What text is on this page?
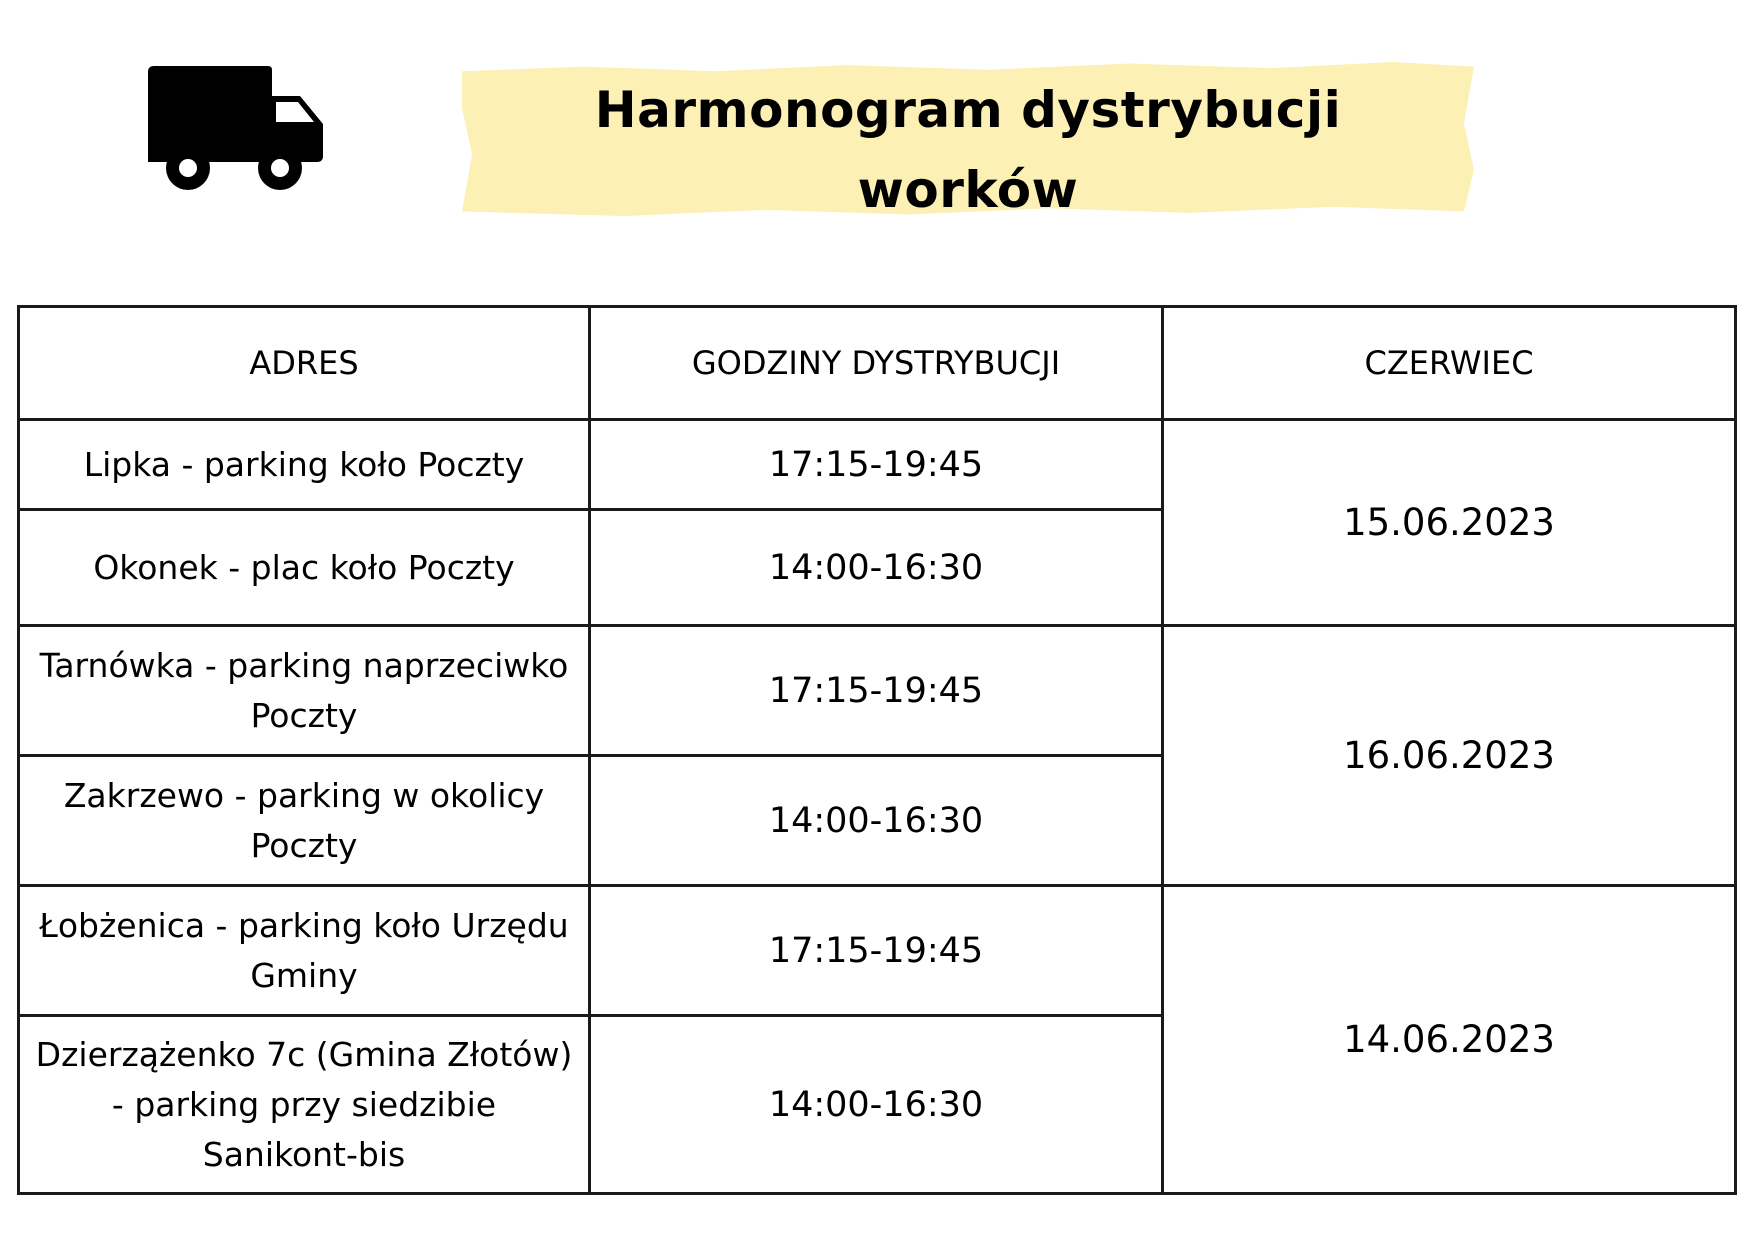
Harmonogram dystrybucji
worków
ADRES	GODZINY DYSTRYBUCJI	CZERWIEC
Lipka - parking koło Poczty	17:15-19:45	15.06.2023
Okonek - plac koło Poczty	14:00-16:30	
Tarnówka - parking naprzeciwko Poczty	17:15-19:45	16.06.2023
Zakrzewo - parking w okolicy Poczty	14:00-16:30	
Łobżenica - parking koło Urzędu Gminy	17:15-19:45	14.06.2023
Dzierzążenko 7c (Gmina Złotów) - parking przy siedzibie Sanikont-bis	14:00-16:30	
